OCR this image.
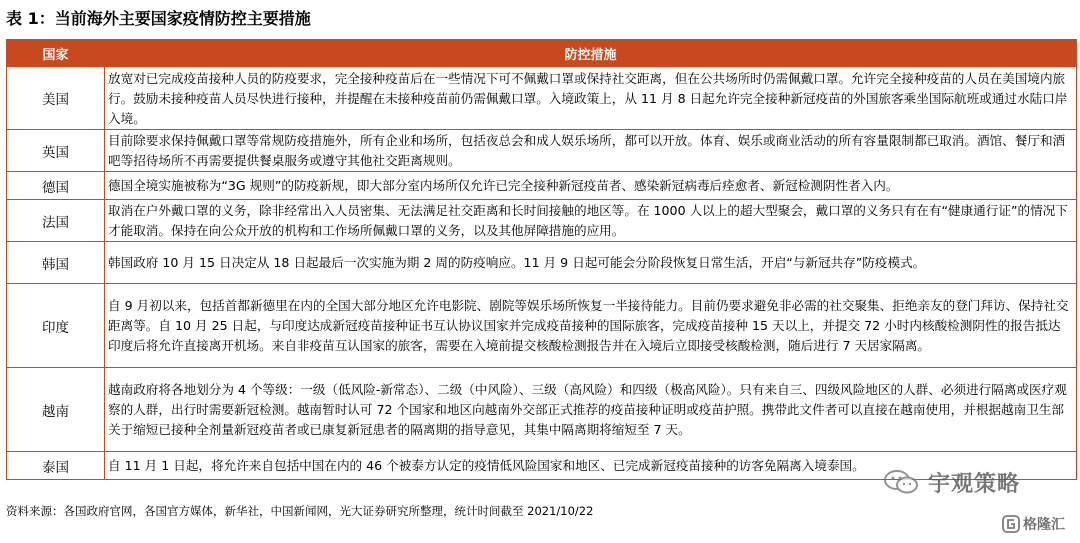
表 1：当前海外主要国家疫情防控主要措施
国家	防控措施
美国	放宽对已完成疫苗接种人员的防疫要求，完全接种疫苗后在一些情况下可不佩戴口罩或保持社交距离，但在公共场所时仍需佩戴口罩。允许完全接种疫苗的人员在美国境内旅行。鼓励未接种疫苗人员尽快进行接种，并提醒在未接种疫苗前仍需佩戴口罩。入境政策上，从 11 月 8 日起允许完全接种新冠疫苗的外国旅客乘坐国际航班或通过水陆口岸入境。
英国	目前除要求保持佩戴口罩等常规防疫措施外，所有企业和场所，包括夜总会和成人娱乐场所，都可以开放。体育、娱乐或商业活动的所有容量限制都已取消。酒馆、餐厅和酒吧等招待场所不再需要提供餐桌服务或遵守其他社交距离规则。
德国	德国全境实施被称为“3G 规则”的防疫新规，即大部分室内场所仅允许已完全接种新冠疫苗者、感染新冠病毒后痊愈者、新冠检测阴性者入内。
法国	取消在户外戴口罩的义务，除非经常出入人员密集、无法满足社交距离和长时间接触的地区等。在 1000 人以上的超大型聚会，戴口罩的义务只有在有“健康通行证”的情况下才能取消。保持在向公众开放的机构和工作场所佩戴口罩的义务，以及其他屏障措施的应用。
韩国	韩国政府 10 月 15 日决定从 18 日起最后一次实施为期 2 周的防疫响应。11 月 9 日起可能会分阶段恢复日常生活，开启“与新冠共存”防疫模式。
印度	自 9 月初以来，包括首都新德里在内的全国大部分地区允许电影院、剧院等娱乐场所恢复一半接待能力。目前仍要求避免非必需的社交聚集、拒绝亲友的登门拜访、保持社交距离等。自 10 月 25 日起，与印度达成新冠疫苗接种证书互认协议国家并完成疫苗接种的国际旅客，完成疫苗接种 15 天以上，并提交 72 小时内核酸检测阴性的报告抵达印度后将允许直接离开机场。来自非疫苗互认国家的旅客，需要在入境前提交核酸检测报告并在入境后立即接受核酸检测，随后进行 7 天居家隔离。
越南	越南政府将各地划分为 4 个等级：一级（低风险-新常态）、二级（中风险）、三级（高风险）和四级（极高风险）。只有来自三、四级风险地区的人群、必须进行隔离或医疗观察的人群，出行时需要新冠检测。越南暂时认可 72 个国家和地区向越南外交部正式推荐的疫苗接种证明或疫苗护照。携带此文件者可以直接在越南使用，并根据越南卫生部关于缩短已接种全剂量新冠疫苗者或已康复新冠患者的隔离期的指导意见，其集中隔离期将缩短至 7 天。
泰国	自 11 月 1 日起，将允许来自包括中国在内的 46 个被泰方认定的疫情低风险国家和地区、已完成新冠疫苗接种的访客免隔离入境泰国。
资料来源：各国政府官网，各国官方媒体，新华社，中国新闻网，光大证券研究所整理，统计时间截至 2021/10/22
宇观策略
格隆汇
